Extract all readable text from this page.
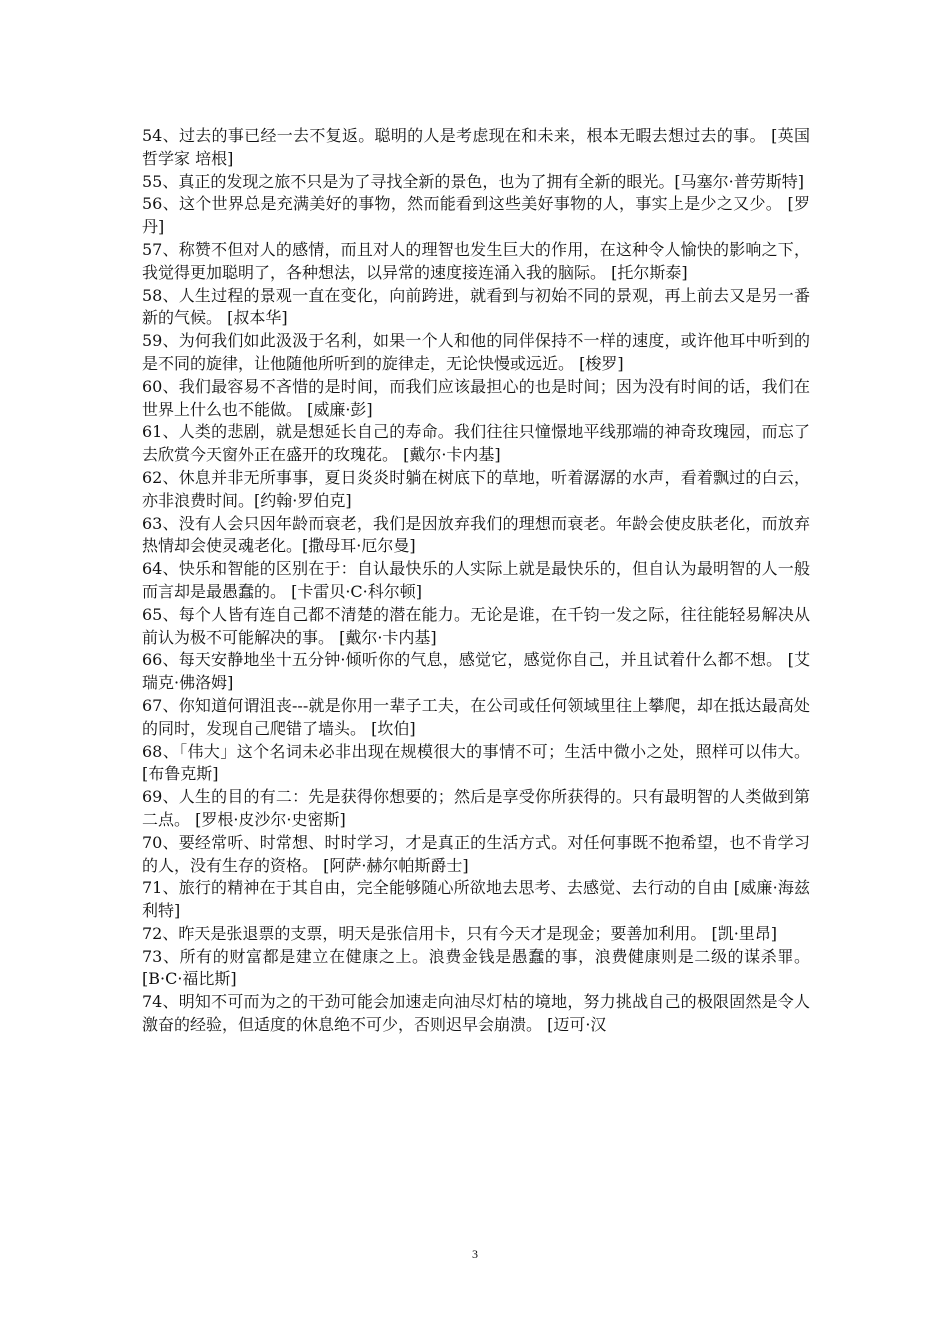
54、过去的事已经一去不复返。聪明的人是考虑现在和未来，根本无暇去想过去的事。 [英国哲学家 培根]

55、真正的发现之旅不只是为了寻找全新的景色，也为了拥有全新的眼光。[马塞尔·普劳斯特]

56、这个世界总是充满美好的事物，然而能看到这些美好事物的人，事实上是少之又少。 [罗丹]

57、称赞不但对人的感情，而且对人的理智也发生巨大的作用，在这种令人愉快的影响之下，我觉得更加聪明了，各种想法，以异常的速度接连涌入我的脑际。 [托尔斯泰]

58、人生过程的景观一直在变化，向前跨进，就看到与初始不同的景观，再上前去又是另一番新的气候。 [叔本华]

59、为何我们如此汲汲于名利，如果一个人和他的同伴保持不一样的速度，或许他耳中听到的是不同的旋律，让他随他所听到的旋律走，无论快慢或远近。 [梭罗]

60、我们最容易不吝惜的是时间，而我们应该最担心的也是时间；因为没有时间的话，我们在世界上什么也不能做。 [威廉·彭]

61、人类的悲剧，就是想延长自己的寿命。我们往往只憧憬地平线那端的神奇玫瑰园，而忘了去欣赏今天窗外正在盛开的玫瑰花。 [戴尔·卡内基]

62、休息并非无所事事，夏日炎炎时躺在树底下的草地，听着潺潺的水声，看着飘过的白云，亦非浪费时间。[约翰·罗伯克]

63、没有人会只因年龄而衰老，我们是因放弃我们的理想而衰老。年龄会使皮肤老化，而放弃热情却会使灵魂老化。[撒母耳·厄尔曼]

64、快乐和智能的区别在于：自认最快乐的人实际上就是最快乐的，但自认为最明智的人一般而言却是最愚蠢的。 [卡雷贝·C·科尔顿]

65、每个人皆有连自己都不清楚的潜在能力。无论是谁，在千钧一发之际，往往能轻易解决从前认为极不可能解决的事。 [戴尔·卡内基]

66、每天安静地坐十五分钟·倾听你的气息，感觉它，感觉你自己，并且试着什么都不想。 [艾瑞克·佛洛姆]

67、你知道何谓沮丧---就是你用一辈子工夫，在公司或任何领域里往上攀爬，却在抵达最高处的同时，发现自己爬错了墙头。 [坎伯]

68、「伟大」这个名词未必非出现在规模很大的事情不可；生活中微小之处，照样可以伟大。 [布鲁克斯]

69、人生的目的有二：先是获得你想要的；然后是享受你所获得的。只有最明智的人类做到第二点。 [罗根·皮沙尔·史密斯]

70、要经常听、时常想、时时学习，才是真正的生活方式。对任何事既不抱希望，也不肯学习的人，没有生存的资格。 [阿萨·赫尔帕斯爵士]

71、旅行的精神在于其自由，完全能够随心所欲地去思考、去感觉、去行动的自由 [威廉·海兹利特]

72、昨天是张退票的支票，明天是张信用卡，只有今天才是现金；要善加利用。 [凯·里昂]

73、所有的财富都是建立在健康之上。浪费金钱是愚蠢的事，浪费健康则是二级的谋杀罪。[B·C·福比斯]

74、明知不可而为之的干劲可能会加速走向油尽灯枯的境地，努力挑战自己的极限固然是令人激奋的经验，但适度的休息绝不可少，否则迟早会崩溃。 [迈可·汉

3
